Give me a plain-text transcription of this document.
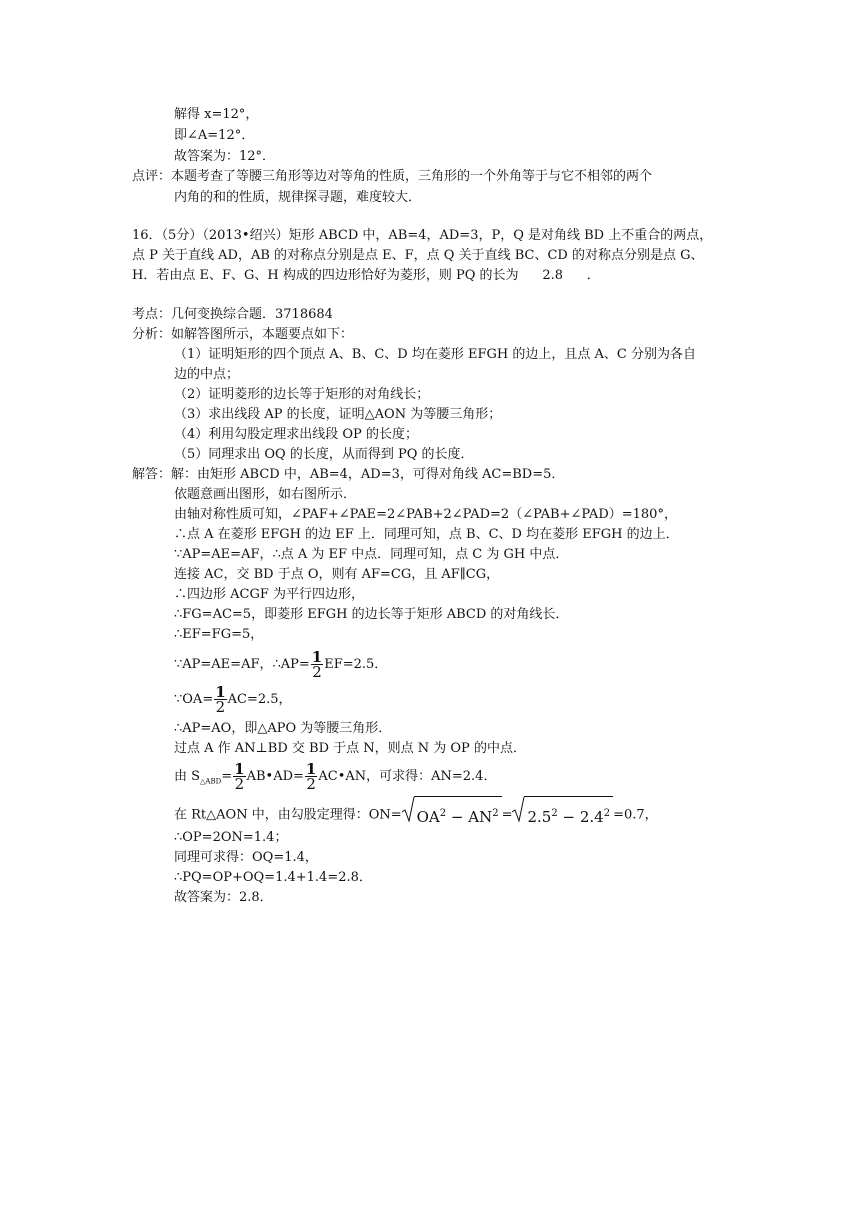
解得 x=12°，
即∠A=12°．
故答案为：12°．
点评：本题考查了等腰三角形等边对等角的性质，三角形的一个外角等于与它不相邻的两个
内角的和的性质，规律探寻题，难度较大．
16．（5分）（2013•绍兴）矩形 ABCD 中，AB=4，AD=3，P，Q 是对角线 BD 上不重合的两点，
点 P 关于直线 AD，AB 的对称点分别是点 E、F，点 Q 关于直线 BC、CD 的对称点分别是点 G、
H．若由点 E、F、G、H 构成的四边形恰好为菱形，则 PQ 的长为 2.8 ．
考点：几何变换综合题．3718684
分析：如解答图所示，本题要点如下：
（1）证明矩形的四个顶点 A、B、C、D 均在菱形 EFGH 的边上，且点 A、C 分别为各自
边的中点；
（2）证明菱形的边长等于矩形的对角线长；
（3）求出线段 AP 的长度，证明△AON 为等腰三角形；
（4）利用勾股定理求出线段 OP 的长度；
（5）同理求出 OQ 的长度，从而得到 PQ 的长度．
解答：解：由矩形 ABCD 中，AB=4，AD=3，可得对角线 AC=BD=5．
依题意画出图形，如右图所示．
由轴对称性质可知，∠PAF+∠PAE=2∠PAB+2∠PAD=2（∠PAB+∠PAD）=180°，
∴点 A 在菱形 EFGH 的边 EF 上．同理可知，点 B、C、D 均在菱形 EFGH 的边上．
∵AP=AE=AF，∴点 A 为 EF 中点．同理可知，点 C 为 GH 中点．
连接 AC，交 BD 于点 O，则有 AF=CG，且 AF∥CG，
∴四边形 ACGF 为平行四边形，
∴FG=AC=5，即菱形 EFGH 的边长等于矩形 ABCD 的对角线长．
∴EF=FG=5，
∵AP=AE=AF，∴AP= $\frac{1}{2} EF=2.5$．
∵OA= $\frac{1}{2} AC=2.5$，
∴AP=AO，即△APO 为等腰三角形．
过点 A 作 AN⊥BD 交 BD 于点 N，则点 N 为 OP 的中点．
由 $S_{\triangle ABD}= \frac{1}{2}$ AB•AD= $\frac{1}{2}$ AC•AN，可求得：AN=2.4．
在 Rt△AON 中，由勾股定理得：$ON= OA^2 - AN^2 = 2.5^2 - 2.4^2 =0.7$，
∴OP=2ON=1.4；
同理可求得：OQ=1.4，
∴PQ=OP+OQ=1.4+1.4=2.8．
故答案为：2.8．
